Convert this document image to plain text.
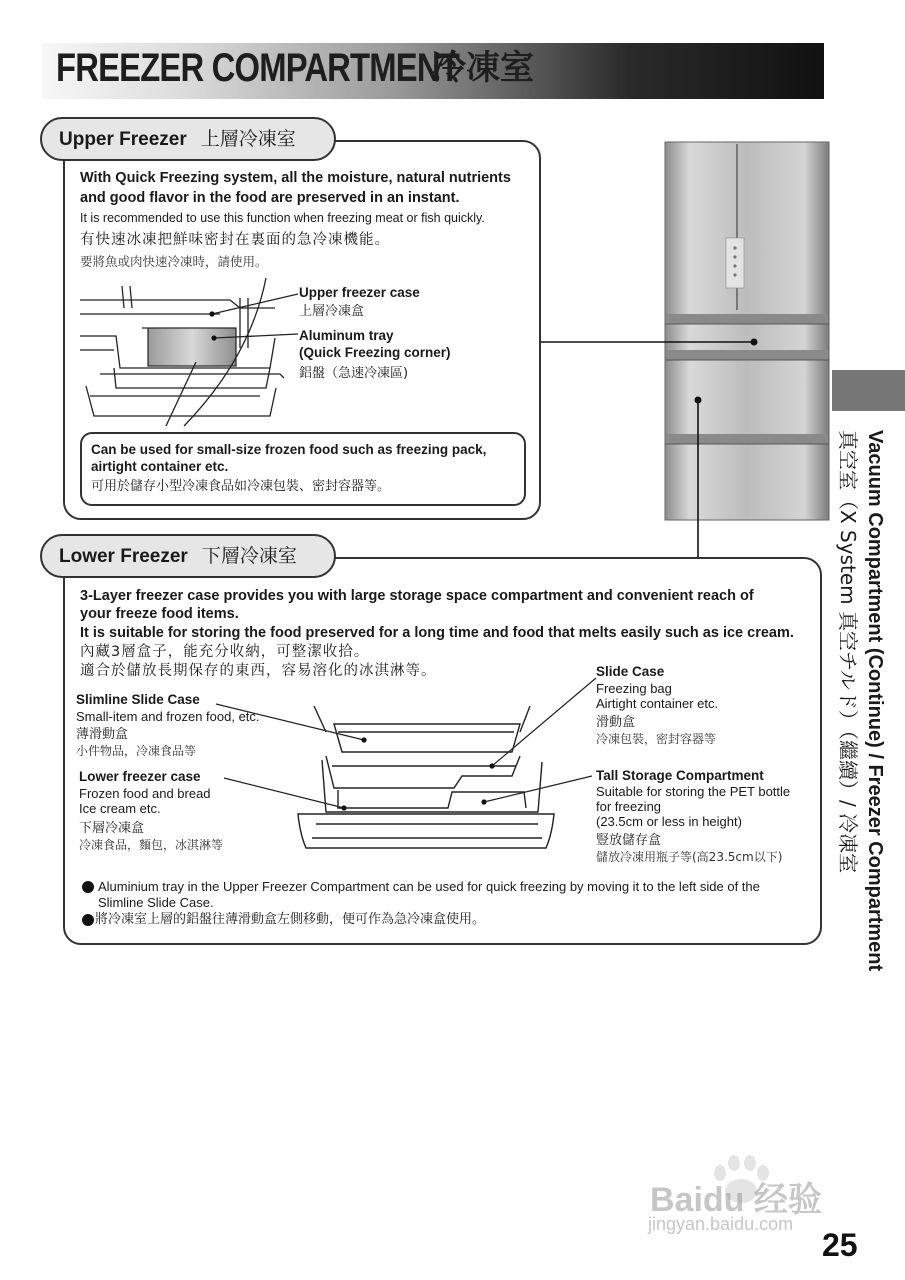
FREEZER COMPARTMENT
冷凍室
Upper Freezer 上層冷凍室
With Quick Freezing system, all the moisture, natural nutrients
and good flavor in the food are preserved in an instant.
It is recommended to use this function when freezing meat or fish quickly.
有快速冰凍把鮮味密封在裏面的急冷凍機能。
要將魚或肉快速冷凍時，請使用。
Upper freezer case
上層冷凍盒
Aluminum tray
(Quick Freezing corner)
鋁盤（急速冷凍區)
Can be used for small-size frozen food such as freezing pack,
airtight container etc.
可用於儲存小型冷凍食品如冷凍包裝、密封容器等。
Lower Freezer 下層冷凍室
3-Layer freezer case provides you with large storage space compartment and convenient reach of
your freeze food items.
It is suitable for storing the food preserved for a long time and food that melts easily such as ice cream.
內藏3層盒子，能充分收納，可整潔收拾。
適合於儲放長期保存的東西，容易溶化的冰淇淋等。
Slimline Slide Case
Small-item and frozen food, etc.
薄滑動盒
小件物品，冷凍食品等
Lower freezer case
Frozen food and bread
Ice cream etc.
下層冷凍盒
冷凍食品，麵包，冰淇淋等
Slide Case
Freezing bag
Airtight container etc.
滑動盒
冷凍包裝，密封容器等
Tall Storage Compartment
Suitable for storing the PET bottle
for freezing
(23.5cm or less in height)
豎放儲存盒
儲放冷凍用瓶子等(高23.5cm以下)
Aluminium tray in the Upper Freezer Compartment can be used for quick freezing by moving it to the left side of the
Slimline Slide Case.
將冷凍室上層的鋁盤往薄滑動盒左側移動，便可作為急冷凍盒使用。	Vacuum Compartment (Continue) / Freezer Compartment
真空室（X System 真空チルド）（繼續）/ 冷凍室
Baidu 经验
jingyan.baidu.com
25
